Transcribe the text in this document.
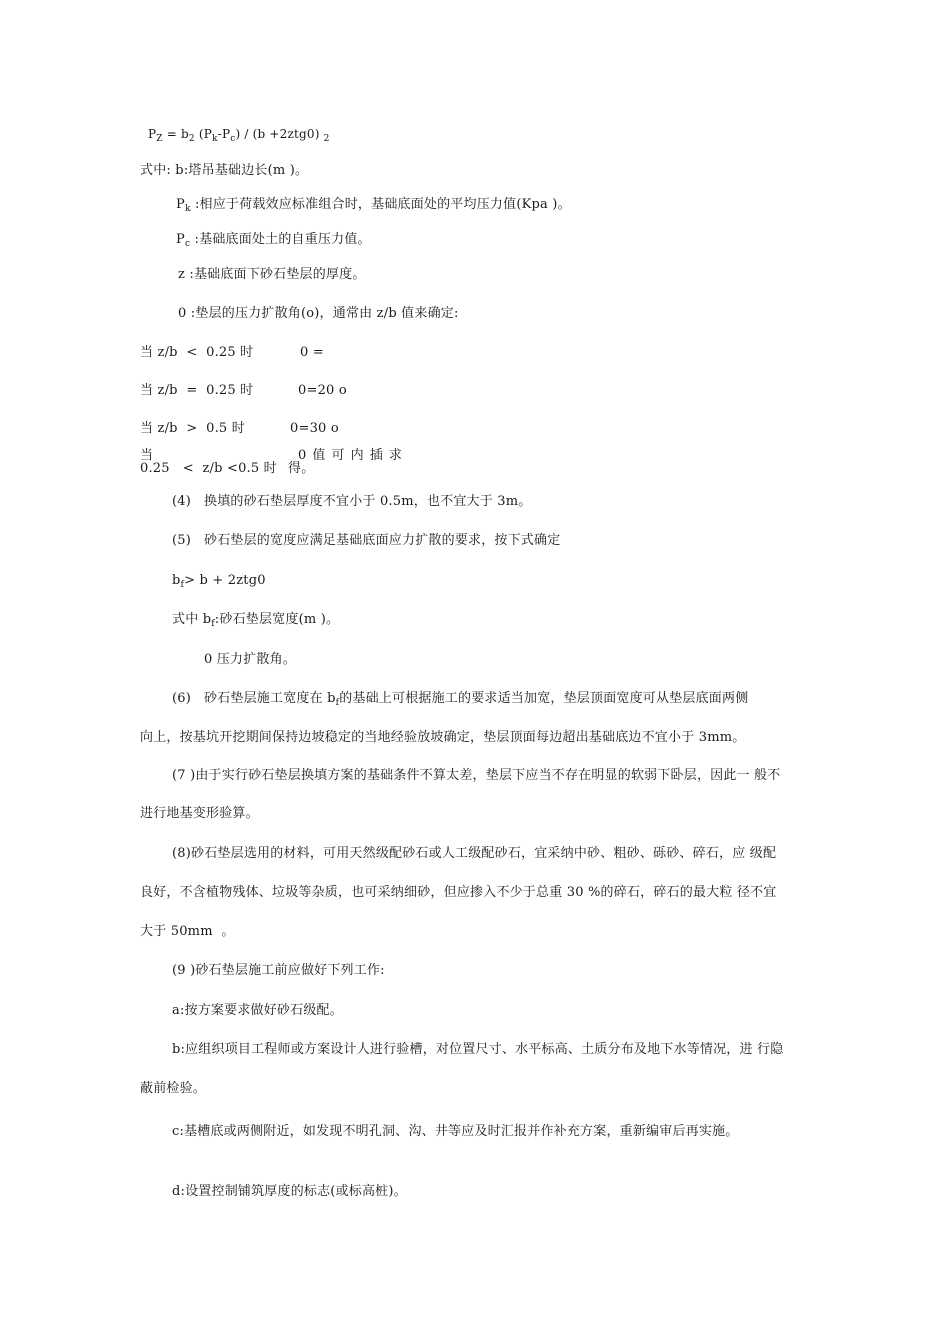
$P_Z = b_2$ $(P_k-P_c) / (b +2ztg0)$ $_2$
式中: b:塔吊基础边长(m )。
$P_k$ :相应于荷载效应标准组合时，基础底面处的平均压力值(Kpa )。
$P_c$ :基础底面处土的自重压力值。
z :基础底面下砂石垫层的厚度。
0 :垫层的压力扩散角(o)，通常由 z/b 值来确定:
当 z/b  <  0.25 时	0 =
当 z/b  =  0.25 时	0=20 o
当 z/b  >  0.5 时	0=30 o
当	0 值 可 内 插 求
0.25   <  z/b <0.5 时 得。
(4)   换填的砂石垫层厚度不宜小于 0.5m，也不宜大于 3m。
(5)   砂石垫层的宽度应满足基础底面应力扩散的要求，按下式确定
$b_f> b + 2ztg0$
式中 $b_f$:砂石垫层宽度(m )。
0 压力扩散角。
(6)   砂石垫层施工宽度在 $b_f$的基础上可根据施工的要求适当加宽，垫层顶面宽度可从垫层底面两侧
向上，按基坑开挖期间保持边坡稳定的当地经验放坡确定，垫层顶面每边超出基础底边不宜小于 3mm。
(7 )由于实行砂石垫层换填方案的基础条件不算太差，垫层下应当不存在明显的软弱下卧层，因此一 般不
进行地基变形验算。
(8)砂石垫层选用的材料，可用天然级配砂石或人工级配砂石，宜采纳中砂、粗砂、砾砂、碎石，应 级配
良好，不含植物残体、垃圾等杂质，也可采纳细砂，但应掺入不少于总重 30 %的碎石，碎石的最大粒 径不宜
大于 50mm  。
(9 )砂石垫层施工前应做好下列工作:
a:按方案要求做好砂石级配。
b:应组织项目工程师或方案设计人进行验槽，对位置尺寸、水平标高、土质分布及地下水等情况，进 行隐
蔽前检验。
c:基槽底或两侧附近，如发现不明孔洞、沟、井等应及时汇报并作补充方案，重新编审后再实施。
d:设置控制铺筑厚度的标志(或标高桩)。
